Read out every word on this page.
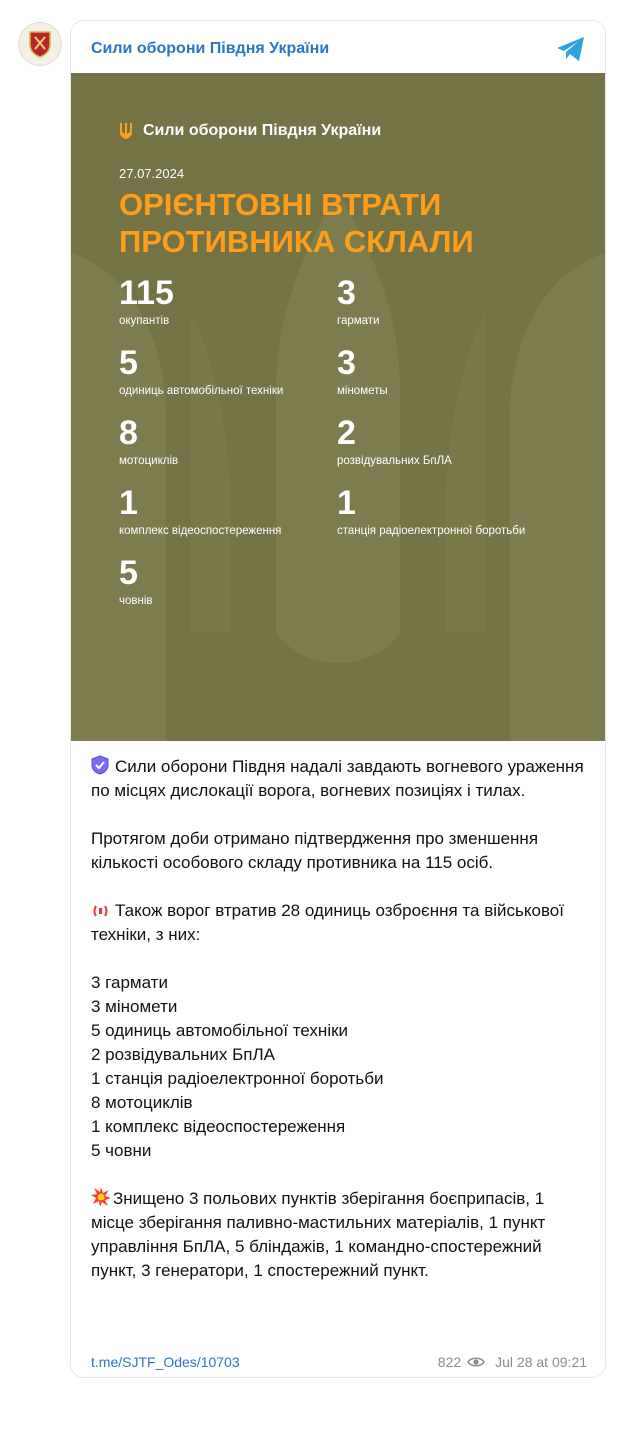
Сили оборони Півдня України
Сили оборони Півдня України
27.07.2024
ОРІЄНТОВНІ ВТРАТИ
ПРОТИВНИКА СКЛАЛИ
115
окупантів
3
гармати
5
одиниць автомобільної техніки
3
мінометы
8
мотоциклів
2
розвідувальних БпЛА
1
комплекс відеоспостереження
1
станція радіоелектронної боротьби
5
човнів

Сили оборони Півдня надалі завдають вогневого ураження по місцях дислокації ворога, вогневих позиціях і тилах.

Протягом доби отримано підтвердження про зменшення кількості особового складу противника на 115 осіб.

Також ворог втратив 28 одиниць озброєння та військової техніки, з них:

3 гармати
3 міномети
5 одиниць автомобільної техніки
2 розвідувальних БпЛА
1 станція радіоелектронної боротьби
8 мотоциклів
1 комплекс відеоспостереження
5 човни

Знищено 3 польових пунктів зберігання боєприпасів, 1 місце зберігання паливно-мастильних матеріалів, 1 пункт управління БпЛА, 5 бліндажів, 1 командно-спостережний пункт, 3 генератори, 1 спостережний пункт.

t.me/SJTF_Odes/10703	822 Jul 28 at 09:21
